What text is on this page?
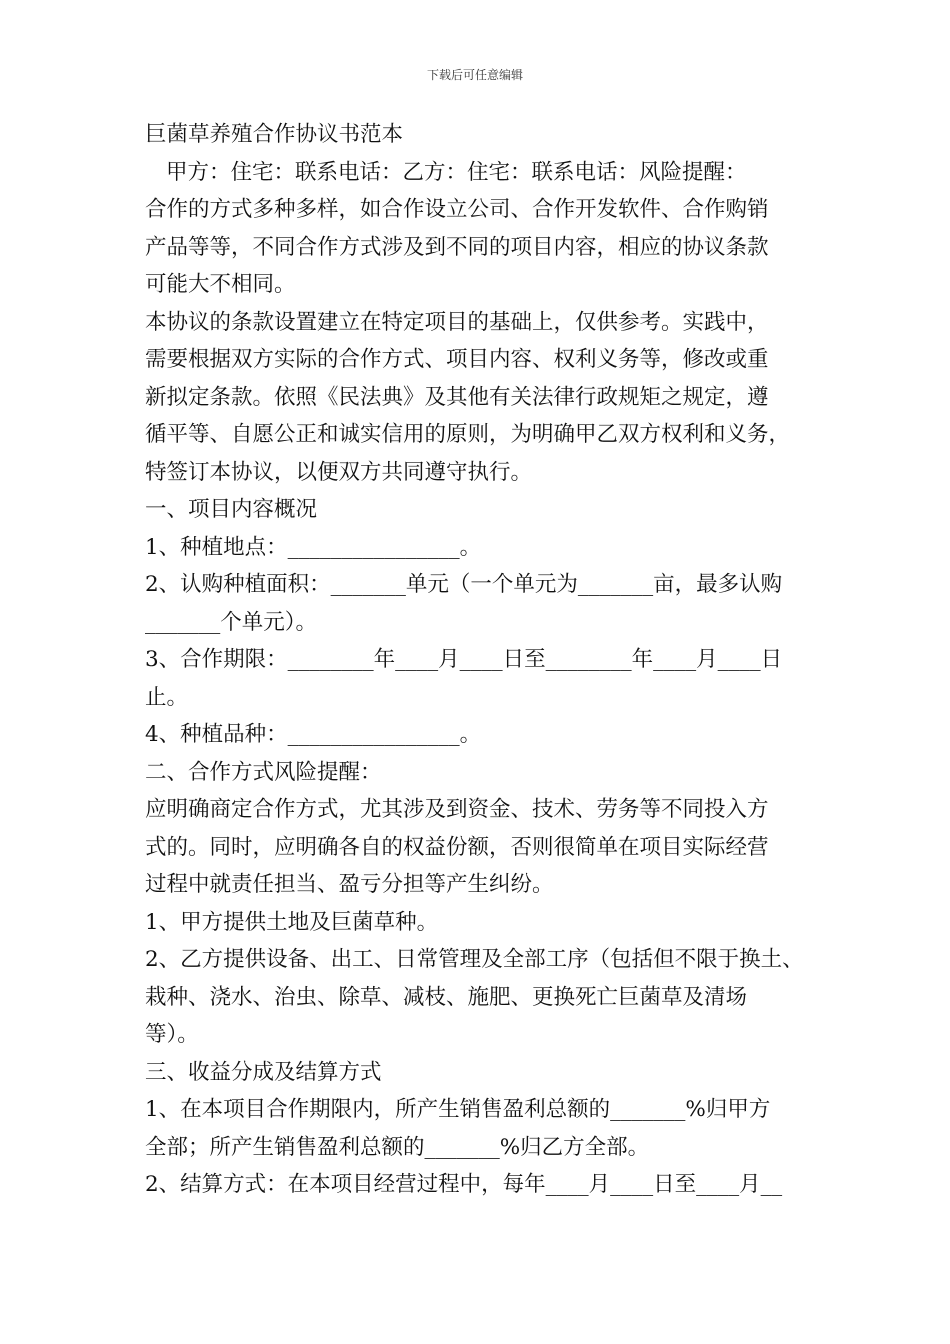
下载后可任意编辑
巨菌草养殖合作协议书范本
甲方：住宅：联系电话：乙方：住宅：联系电话：风险提醒：
合作的方式多种多样，如合作设立公司、合作开发软件、合作购销
产品等等，不同合作方式涉及到不同的项目内容，相应的协议条款
可能大不相同。
本协议的条款设置建立在特定项目的基础上，仅供参考。实践中，
需要根据双方实际的合作方式、项目内容、权利义务等，修改或重
新拟定条款。依照《民法典》及其他有关法律行政规矩之规定，遵
循平等、自愿公正和诚实信用的原则，为明确甲乙双方权利和义务，
特签订本协议，以便双方共同遵守执行。
一、项目内容概况
1、种植地点：________________。
2、认购种植面积：_______单元（一个单元为_______亩，最多认购
_______个单元）。
3、合作期限：________年____月____日至________年____月____日
止。
4、种植品种：________________。
二、合作方式风险提醒：
应明确商定合作方式，尤其涉及到资金、技术、劳务等不同投入方
式的。同时，应明确各自的权益份额，否则很简单在项目实际经营
过程中就责任担当、盈亏分担等产生纠纷。
1、甲方提供土地及巨菌草种。
2、乙方提供设备、出工、日常管理及全部工序（包括但不限于换土、
栽种、浇水、治虫、除草、减枝、施肥、更换死亡巨菌草及清场
等）。
三、收益分成及结算方式
1、在本项目合作期限内，所产生销售盈利总额的_______%归甲方
全部；所产生销售盈利总额的_______%归乙方全部。
2、结算方式：在本项目经营过程中，每年____月____日至____月__
